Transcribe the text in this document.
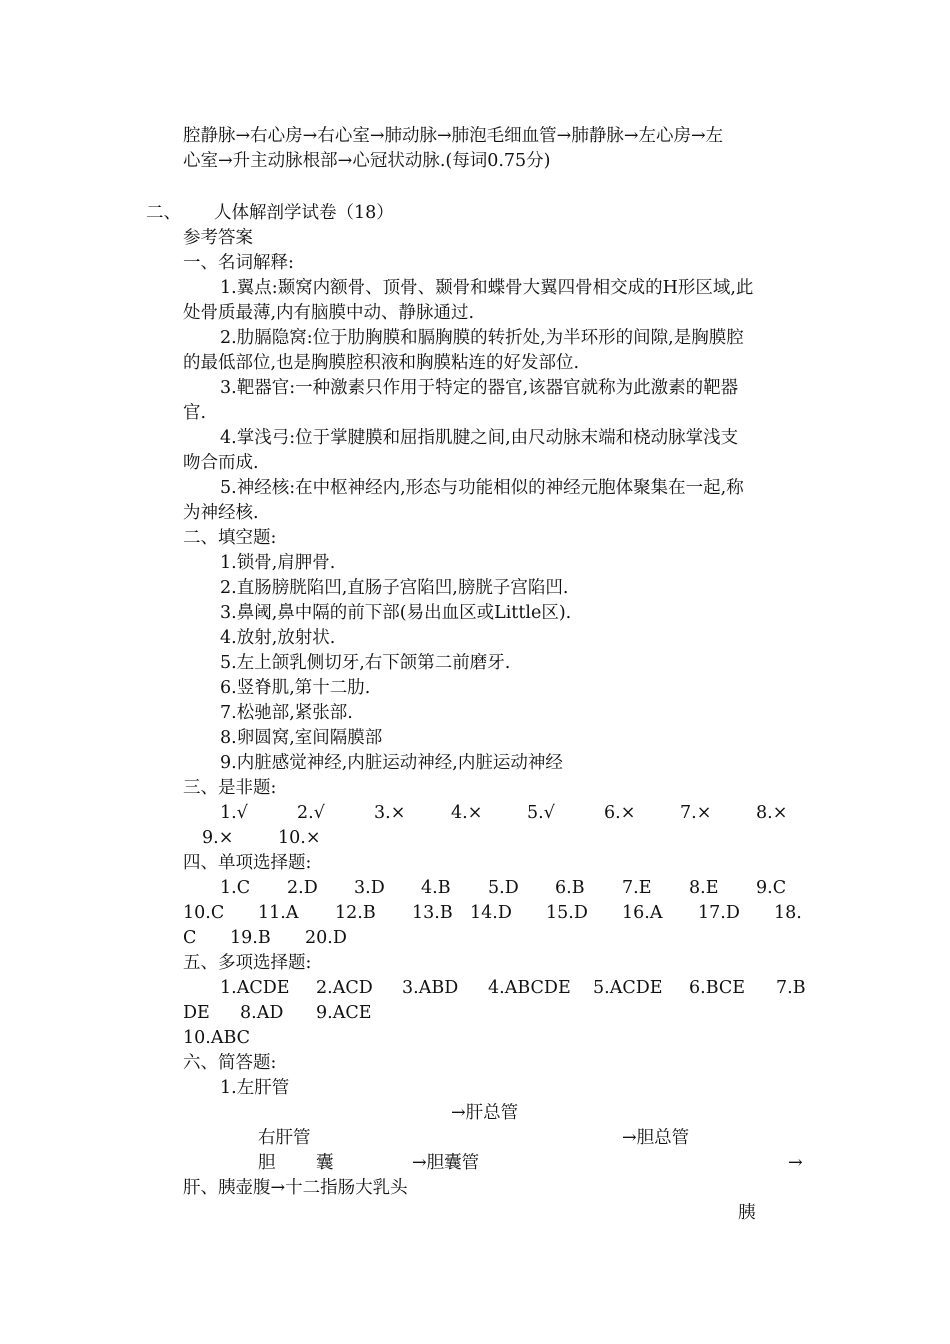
腔静脉→右心房→右心室→肺动脉→肺泡毛细血管→肺静脉→左心房→左
心室→升主动脉根部→心冠状动脉.(每词0.75分)
二、 人体解剖学试卷（18）
参考答案
一、名词解释:
1.翼点:颞窝内额骨、顶骨、颞骨和蝶骨大翼四骨相交成的H形区域,此
处骨质最薄,内有脑膜中动、静脉通过.
2.肋膈隐窝:位于肋胸膜和膈胸膜的转折处,为半环形的间隙,是胸膜腔
的最低部位,也是胸膜腔积液和胸膜粘连的好发部位.
3.靶器官:一种激素只作用于特定的器官,该器官就称为此激素的靶器
官.
4.掌浅弓:位于掌腱膜和屈指肌腱之间,由尺动脉末端和桡动脉掌浅支
吻合而成.
5.神经核:在中枢神经内,形态与功能相似的神经元胞体聚集在一起,称
为神经核.
二、填空题:
1.锁骨,肩胛骨.
2.直肠膀胱陷凹,直肠子宫陷凹,膀胱子宫陷凹.
3.鼻阈,鼻中隔的前下部(易出血区或Little区).
4.放射,放射状.
5.左上颌乳侧切牙,右下颌第二前磨牙.
6.竖脊肌,第十二肋.
7.松驰部,紧张部.
8.卵圆窝,室间隔膜部
9.内脏感觉神经,内脏运动神经,内脏运动神经
三、是非题:
1.√	2.√	3.×	4.×	5.√	6.×	7.×	8.×
9.×	10.×
四、单项选择题:
1.C 2.D 3.D 4.B 5.D 6.B 7.E 8.E 9.C
10.C 11.A 12.B 13.B 14.D 15.D 16.A 17.D 18.
C 19.B 20.D
五、多项选择题:
1.ACDE 2.ACD 3.ABD 4.ABCDE 5.ACDE 6.BCE 7.B
DE 8.AD 9.ACE
10.ABC
六、简答题:
1.左肝管
→肝总管
右肝管	→胆总管
胆 囊	→胆囊管	→
肝、胰壶腹→十二指肠大乳头
胰
